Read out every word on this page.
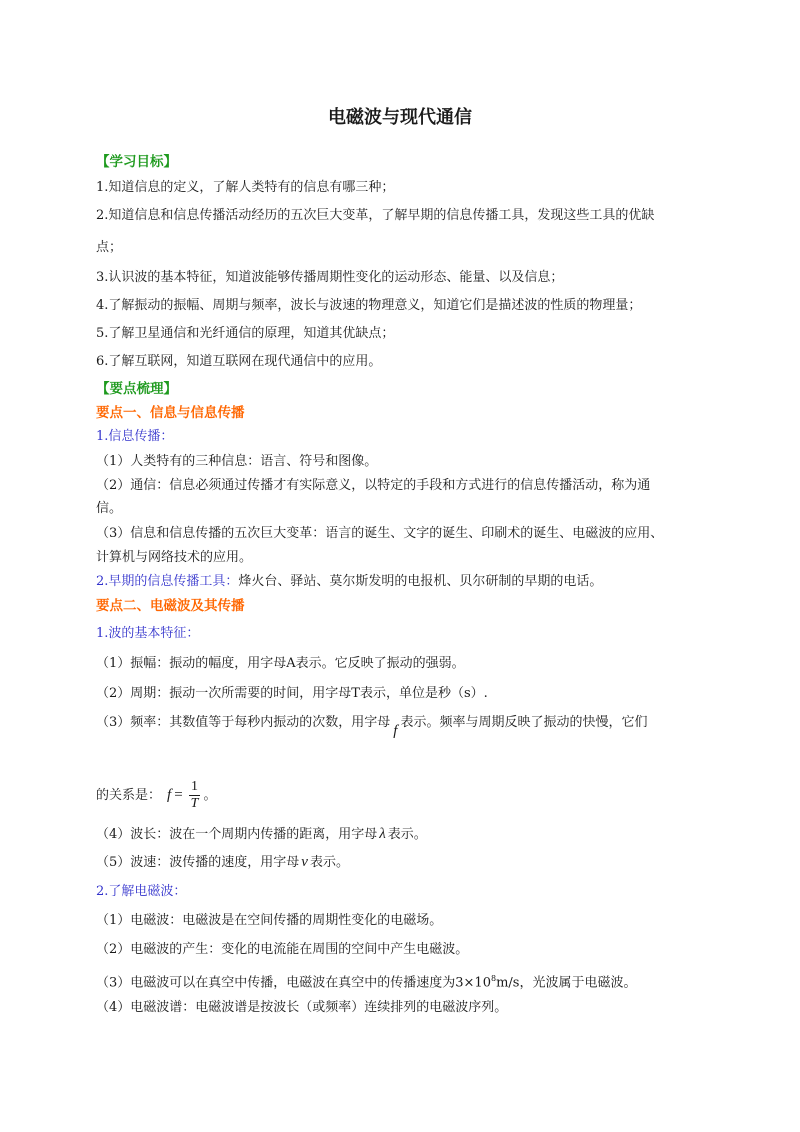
电磁波与现代通信
【学习目标】
1.知道信息的定义，了解人类特有的信息有哪三种；
2.知道信息和信息传播活动经历的五次巨大变革，了解早期的信息传播工具，发现这些工具的优缺
点；
3.认识波的基本特征，知道波能够传播周期性变化的运动形态、能量、以及信息；
4.了解振动的振幅、周期与频率，波长与波速的物理意义，知道它们是描述波的性质的物理量；
5.了解卫星通信和光纤通信的原理，知道其优缺点；
6.了解互联网，知道互联网在现代通信中的应用。
【要点梳理】
要点一、信息与信息传播
1.信息传播：
（1）人类特有的三种信息：语言、符号和图像。
（2）通信：信息必须通过传播才有实际意义，以特定的手段和方式进行的信息传播活动，称为通
信。
（3）信息和信息传播的五次巨大变革：语言的诞生、文字的诞生、印刷术的诞生、电磁波的应用、
计算机与网络技术的应用。
2.早期的信息传播工具：烽火台、驿站、莫尔斯发明的电报机、贝尔研制的早期的电话。
要点二、电磁波及其传播
1.波的基本特征：
（1）振幅：振动的幅度，用字母A表示。它反映了振动的强弱。
（2）周期：振动一次所需要的时间，用字母T表示，单位是秒（s）.
（3）频率：其数值等于每秒内振动的次数，用字母f表示。频率与周期反映了振动的快慢，它们
的关系是： $f = \frac{1}{T}$ 。
（4）波长：波在一个周期内传播的距离，用字母 λ 表示。
（5）波速：波传播的速度，用字母 v 表示。
2.了解电磁波：
（1）电磁波：电磁波是在空间传播的周期性变化的电磁场。
（2）电磁波的产生：变化的电流能在周围的空间中产生电磁波。
（3）电磁波可以在真空中传播，电磁波在真空中的传播速度为$3\times 10^8m/s$，光波属于电磁波。
（4）电磁波谱：电磁波谱是按波长（或频率）连续排列的电磁波序列。
